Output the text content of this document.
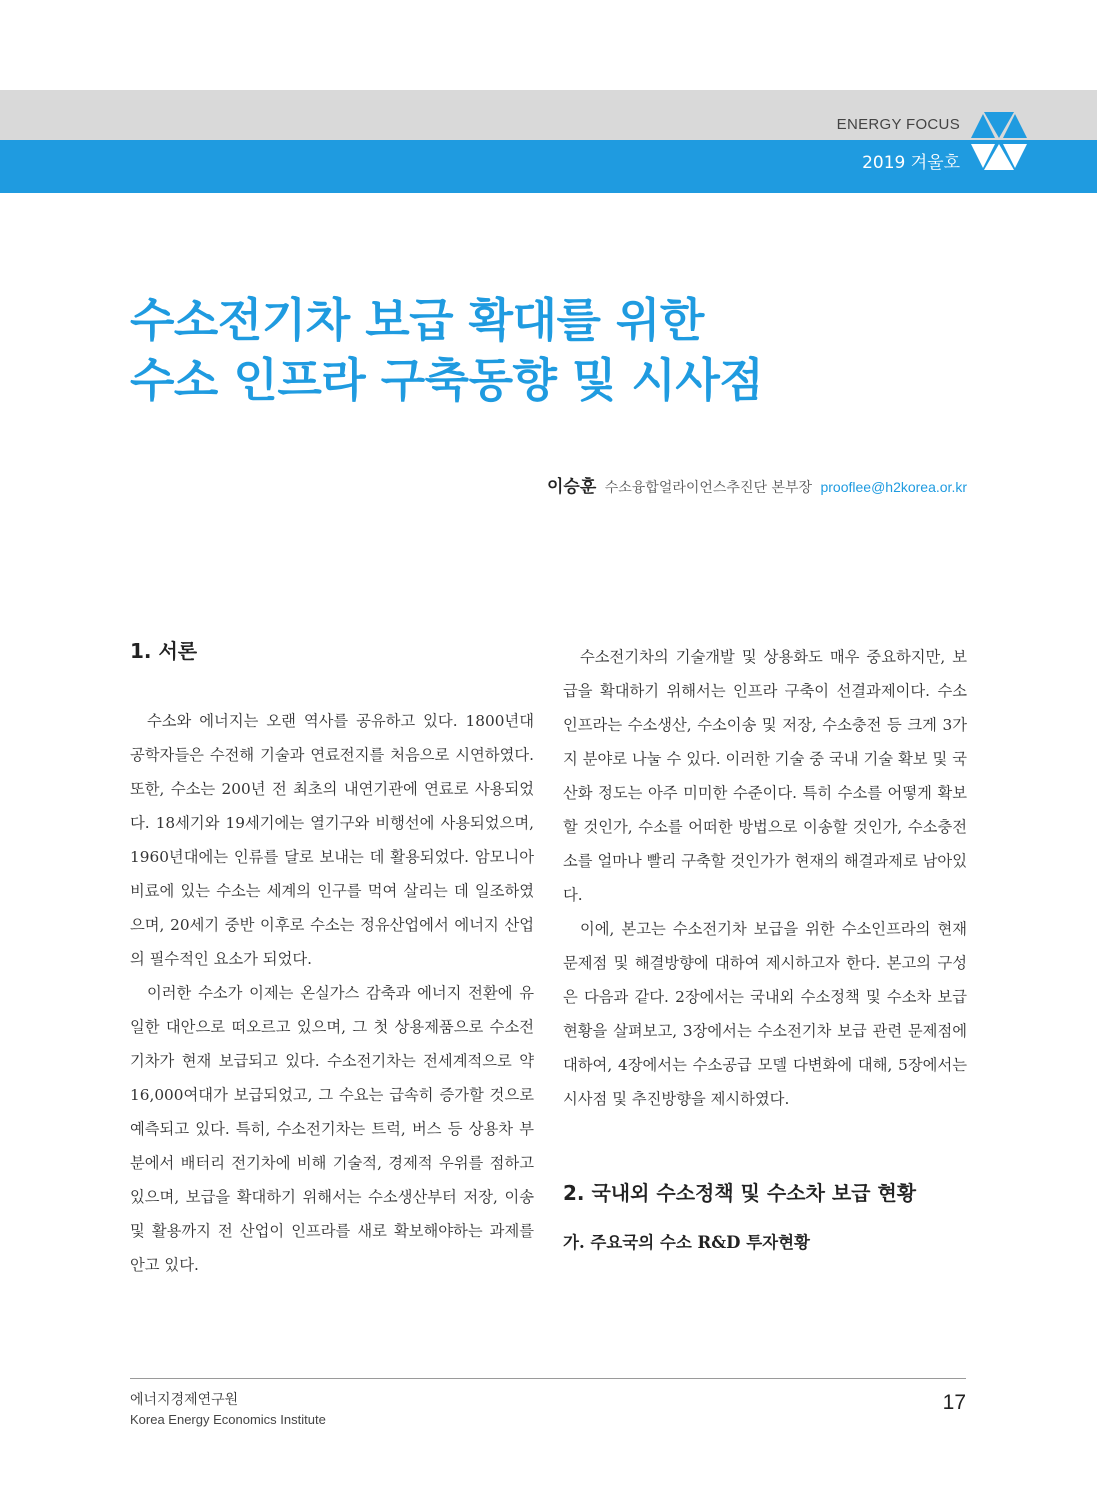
ENERGY FOCUS
2019 겨울호
수소전기차 보급 확대를 위한
수소 인프라 구축동향 및 시사점
이승훈 수소융합얼라이언스추진단 본부장 prooflee@h2korea.or.kr
1. 서론

수소와 에너지는 오랜 역사를 공유하고 있다. 1800년대 공학자들은 수전해 기술과 연료전지를 처음으로 시연하였다. 또한, 수소는 200년 전 최초의 내연기관에 연료로 사용되었다. 18세기와 19세기에는 열기구와 비행선에 사용되었으며, 1960년대에는 인류를 달로 보내는 데 활용되었다. 암모니아 비료에 있는 수소는 세계의 인구를 먹여 살리는 데 일조하였으며, 20세기 중반 이후로 수소는 정유산업에서 에너지 산업의 필수적인 요소가 되었다.

이러한 수소가 이제는 온실가스 감축과 에너지 전환에 유일한 대안으로 떠오르고 있으며, 그 첫 상용제품으로 수소전기차가 현재 보급되고 있다. 수소전기차는 전세계적으로 약 16,000여대가 보급되었고, 그 수요는 급속히 증가할 것으로 예측되고 있다. 특히, 수소전기차는 트럭, 버스 등 상용차 부분에서 배터리 전기차에 비해 기술적, 경제적 우위를 점하고 있으며, 보급을 확대하기 위해서는 수소생산부터 저장, 이송 및 활용까지 전 산업이 인프라를 새로 확보해야하는 과제를 안고 있다.

수소전기차의 기술개발 및 상용화도 매우 중요하지만, 보급을 확대하기 위해서는 인프라 구축이 선결과제이다. 수소 인프라는 수소생산, 수소이송 및 저장, 수소충전 등 크게 3가지 분야로 나눌 수 있다. 이러한 기술 중 국내 기술 확보 및 국산화 정도는 아주 미미한 수준이다. 특히 수소를 어떻게 확보할 것인가, 수소를 어떠한 방법으로 이송할 것인가, 수소충전소를 얼마나 빨리 구축할 것인가가 현재의 해결과제로 남아있다.

이에, 본고는 수소전기차 보급을 위한 수소인프라의 현재 문제점 및 해결방향에 대하여 제시하고자 한다. 본고의 구성은 다음과 같다. 2장에서는 국내외 수소정책 및 수소차 보급현황을 살펴보고, 3장에서는 수소전기차 보급 관련 문제점에 대하여, 4장에서는 수소공급 모델 다변화에 대해, 5장에서는 시사점 및 추진방향을 제시하였다.

2. 국내외 수소정책 및 수소차 보급 현황
가. 주요국의 수소 R&D 투자현황
에너지경제연구원
Korea Energy Economics Institute
17
